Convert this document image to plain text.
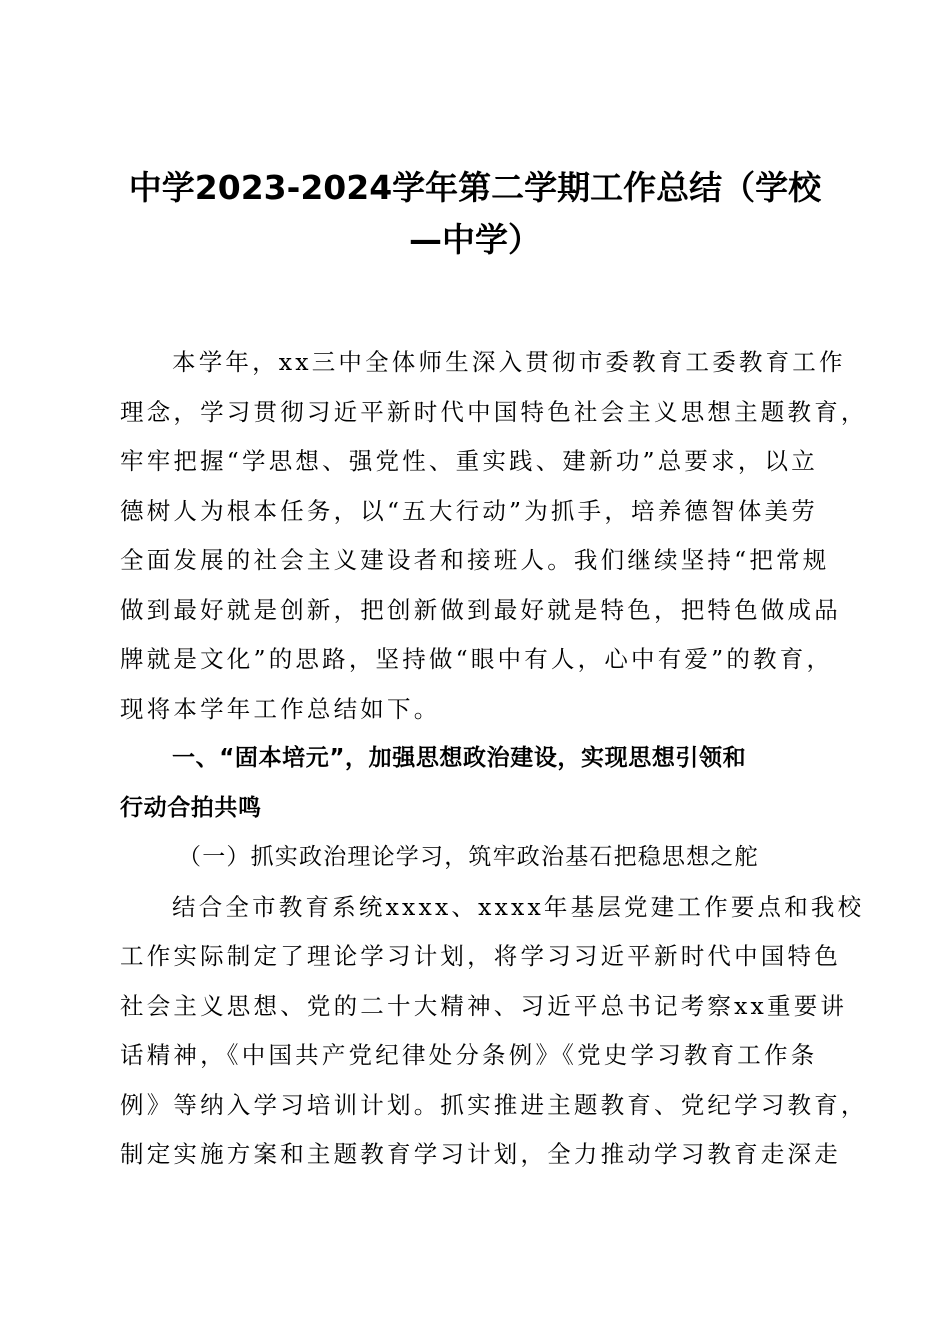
中学2023-2024学年第二学期工作总结（学校
—中学）
本学年，xx三中全体师生深入贯彻市委教育工委教育工作
理念，学习贯彻习近平新时代中国特色社会主义思想主题教育，
牢牢把握“学思想、强党性、重实践、建新功”总要求，以立
德树人为根本任务，以“五大行动”为抓手，培养德智体美劳
全面发展的社会主义建设者和接班人。我们继续坚持“把常规
做到最好就是创新，把创新做到最好就是特色，把特色做成品
牌就是文化”的思路，坚持做“眼中有人，心中有爱”的教育，
现将本学年工作总结如下。
一、“固本培元”，加强思想政治建设，实现思想引领和
行动合拍共鸣
（一）抓实政治理论学习，筑牢政治基石把稳思想之舵
结合全市教育系统xxxx、xxxx年基层党建工作要点和我校
工作实际制定了理论学习计划，将学习习近平新时代中国特色
社会主义思想、党的二十大精神、习近平总书记考察xx重要讲
话精神，《中国共产党纪律处分条例》《党史学习教育工作条
例》等纳入学习培训计划。抓实推进主题教育、党纪学习教育，
制定实施方案和主题教育学习计划，全力推动学习教育走深走
